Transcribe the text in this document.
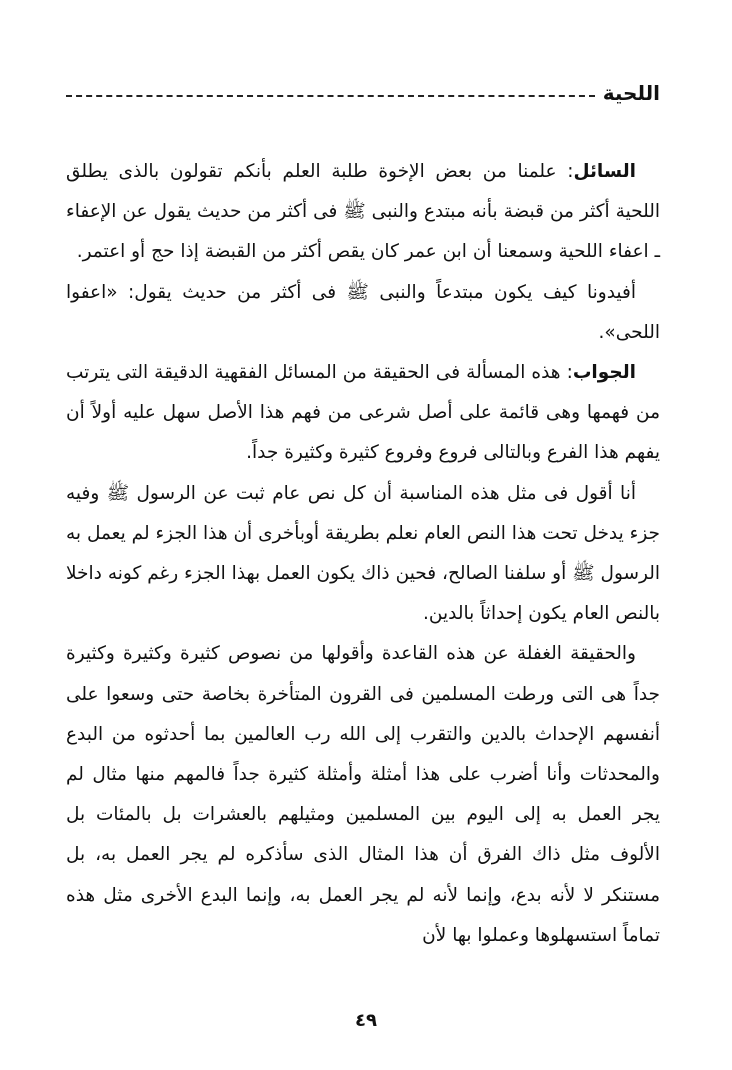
اللحية

السائل: علمنا من بعض الإخوة طلبة العلم بأنكم تقولون بالذى يطلق اللحية أكثر من قبضة بأنه مبتدع والنبى ﷺ فى أكثر من حديث يقول عن الإعفاء ـ اعفاء اللحية وسمعنا أن ابن عمر كان يقص أكثر من القبضة إذا حج أو اعتمر.

أفيدونا كيف يكون مبتدعاً والنبى ﷺ فى أكثر من حديث يقول: «اعفوا اللحى».

الجواب: هذه المسألة فى الحقيقة من المسائل الفقهية الدقيقة التى يترتب من فهمها وهى قائمة على أصل شرعى من فهم هذا الأصل سهل عليه أولاً أن يفهم هذا الفرع وبالتالى فروع وفروع كثيرة وكثيرة جداً.

أنا أقول فى مثل هذه المناسبة أن كل نص عام ثبت عن الرسول ﷺ وفيه جزء يدخل تحت هذا النص العام نعلم بطريقة أوبأخرى أن هذا الجزء لم يعمل به الرسول ﷺ أو سلفنا الصالح، فحين ذاك يكون العمل بهذا الجزء رغم كونه داخلا بالنص العام يكون إحداثاً بالدين.

والحقيقة الغفلة عن هذه القاعدة وأقولها من نصوص كثيرة وكثيرة وكثيرة جداً هى التى ورطت المسلمين فى القرون المتأخرة بخاصة حتى وسعوا على أنفسهم الإحداث بالدين والتقرب إلى الله رب العالمين بما أحدثوه من البدع والمحدثات وأنا أضرب على هذا أمثلة وأمثلة كثيرة جداً فالمهم منها مثال لم يجر العمل به إلى اليوم بين المسلمين ومثيلهم بالعشرات بل بالمئات بل الألوف مثل ذاك الفرق أن هذا المثال الذى سأذكره لم يجر العمل به، بل مستنكر لا لأنه بدع، وإنما لأنه لم يجر العمل به، وإنما البدع الأخرى مثل هذه تماماً استسهلوها وعملوا بها لأن

٤٩
